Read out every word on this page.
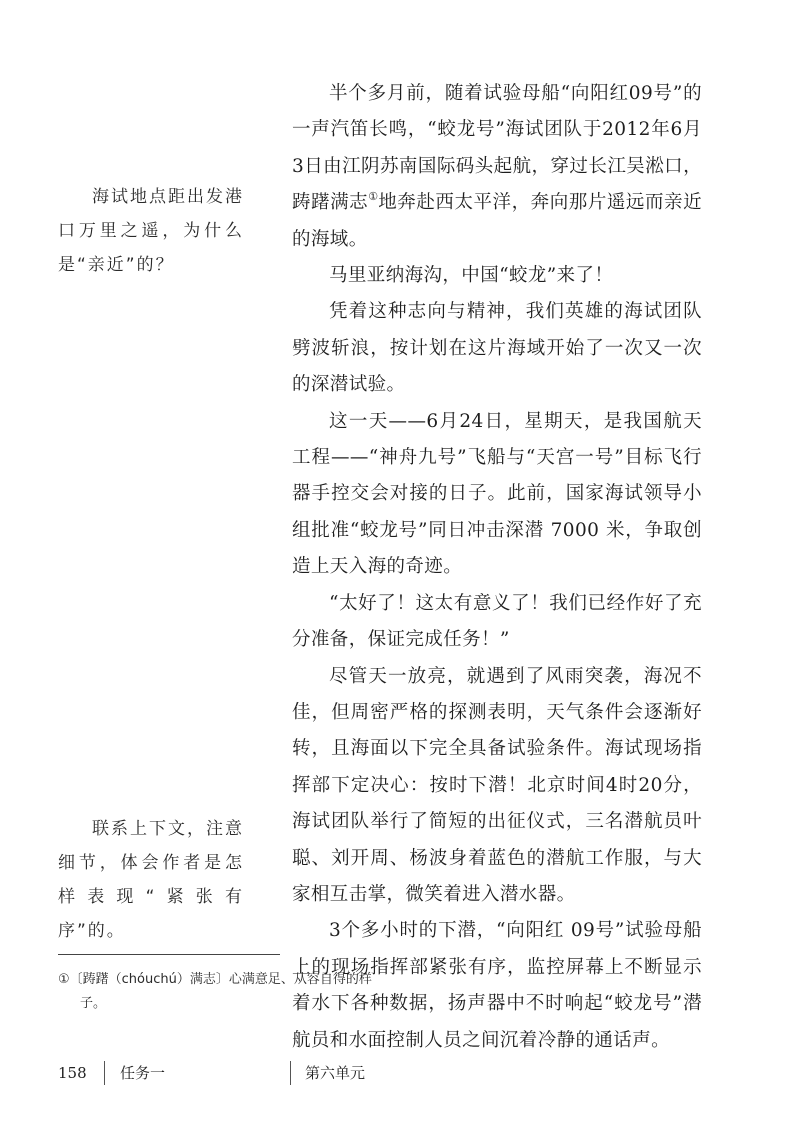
半个多月前，随着试验母船“向阳红09号”的一声汽笛长鸣，“蛟龙号”海试团队于2012年6月3日由江阴苏南国际码头起航，穿过长江吴淞口，踌躇满志①地奔赴西太平洋，奔向那片遥远而亲近的海域。

马里亚纳海沟，中国“蛟龙”来了！

凭着这种志向与精神，我们英雄的海试团队劈波斩浪，按计划在这片海域开始了一次又一次的深潜试验。

这一天——6月24日，星期天，是我国航天工程——“神舟九号”飞船与“天宫一号”目标飞行器手控交会对接的日子。此前，国家海试领导小组批准“蛟龙号”同日冲击深潜 7000 米，争取创造上天入海的奇迹。

“太好了！这太有意义了！我们已经作好了充分准备，保证完成任务！”

尽管天一放亮，就遇到了风雨突袭，海况不佳，但周密严格的探测表明，天气条件会逐渐好转，且海面以下完全具备试验条件。海试现场指挥部下定决心：按时下潜！北京时间4时20分，海试团队举行了简短的出征仪式，三名潜航员叶聪、刘开周、杨波身着蓝色的潜航工作服，与大家相互击掌，微笑着进入潜水器。

3个多小时的下潜，“向阳红 09号”试验母船上的现场指挥部紧张有序，监控屏幕上不断显示着水下各种数据，扬声器中不时响起“蛟龙号”潜航员和水面控制人员之间沉着冷静的通话声。

海试地点距出发港口万里之遥，为什么是“亲近”的？

联系上下文，注意细节，体会作者是怎样表现“紧张有序”的。

①〔踌躇（chóuchú）满志〕心满意足、从容自得的样子。
158 任务一	第六单元
